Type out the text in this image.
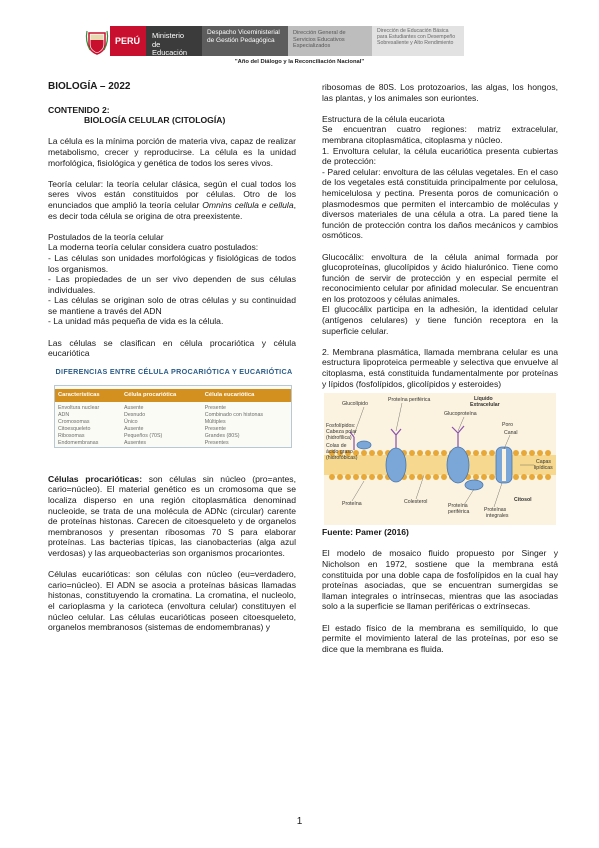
PERÚ
Ministerio de Educación
Despacho Viceministerial de Gestión Pedagógica
Dirección General de Servicios Educativos Especializados
Dirección de Educación Básica para Estudiantes con Desempeño Sobresaliente y Alto Rendimiento
"Año del Diálogo y la Reconciliación Nacional"

BIOLOGÍA – 2022

CONTENIDO 2:

BIOLOGÍA CELULAR (CITOLOGÍA)

La célula es la mínima porción de materia viva, capaz de realizar metabolismo, crecer y reproducirse. La célula es la unidad morfológica, fisiológica y genética de todos los seres vivos.

Teoría celular: la teoría celular clásica, según el cual todos los seres vivos están constituidos por células. Otro de los enunciados que amplió la teoría celular Omnins cellula e cellula, es decir toda célula se origina de otra preexistente.

Postulados de la teoría celular

La moderna teoría celular considera cuatro postulados:

- Las células son unidades morfológicas y fisiológicas de todos los organismos.

- Las propiedades de un ser vivo dependen de sus células individuales.

- Las células se originan solo de otras células y su continuidad se mantiene a través del ADN

- La unidad más pequeña de vida es la célula.

Las células se clasifican en célula procariótica y célula eucariótica

DIFERENCIAS ENTRE CÉLULA PROCARIÓTICA Y EUCARIÓTICA
Características	Célula procariótica	Célula eucariótica
Envoltura nuclear	Ausente	Presente
ADN	Desnudo	Combinado con histonas
Cromosomas	Único	Múltiples
Citoesqueleto	Ausente	Presente
Ribosomas	Pequeños (70S)	Grandes (80S)
Endomembranas	Ausentes	Presentes

Células procarióticas: son células sin núcleo (pro=antes, cario=núcleo). El material genético es un cromosoma que se localiza disperso en una región citoplasmática denominad nucleoide, se trata de una molécula de ADNc (circular) carente de proteínas histonas. Carecen de citoesqueleto y de organelos membranosos y presentan ribosomas 70 S para elaborar proteínas. Las bacterias típicas, las cianobacterias (alga azul verdosas) y las arqueobacterias son organismos procariontes.

Células eucarióticas: son células con núcleo (eu=verdadero, cario=núcleo). El ADN se asocia a proteínas básicas llamadas histonas, constituyendo la cromatina. La cromatina, el nucleolo, el carioplasma y la carioteca (envoltura celular) constituyen el núcleo celular. Las células eucarióticas poseen citoesqueleto, organelos membranosos (sistemas de endomembranas) y

ribosomas de 80S. Los protozoarios, las algas, los hongos, las plantas, y los animales son euriontes.

Estructura de la célula eucariota

Se encuentran cuatro regiones: matriz extracelular, membrana citoplasmática, citoplasma y núcleo.

1. Envoltura celular, la célula eucariótica presenta cubiertas de protección:

- Pared celular: envoltura de las células vegetales. En el caso de los vegetales está constituida principalmente por celulosa, hemicelulosa y pectina. Presenta poros de comunicación o plasmodesmos que permiten el intercambio de moléculas y diversos materiales de una célula a otra. La pared tiene la función de protección contra los daños mecánicos y cambios osmóticos.

Glucocálix: envoltura de la célula animal formada por glucoproteínas, glucolípidos y ácido hialurónico. Tiene como función de servir de protección y en especial permite el reconocimiento celular por afinidad molecular. Se encuentran en los protozoos y células animales.

El glucocálix participa en la adhesión, la identidad celular (antígenos celulares) y tiene función receptora en la superficie celular.

2. Membrana plasmática, llamada membrana celular es una estructura lipoproteica permeable y selectiva que envuelve al citoplasma, está constituida fundamentalmente por proteínas y lípidos (fosfolípidos, glicolípidos y esteroides)

Glucolípido
Proteína periférica	Líquido
Extracelular
Glucoproteína
Fosfolípidos:
Cabeza polar
(hidrofílica)
Colas de
ácido graso
(hidrofóbicas)
Poro
Canal
Capas
lipídicas
Proteína	Colesterol	Citosol
Proteína
periférica	Proteínas
integrales

Fuente: Pamer (2016)

El modelo de mosaico fluido propuesto por Singer y Nicholson en 1972, sostiene que la membrana está constituida por una doble capa de fosfolípidos en la cual hay proteínas asociadas, que se encuentran sumergidas se llaman integrales o intrínsecas, mientras que las asociadas solo a la superficie se llaman periféricas o extrínsecas.

El estado físico de la membrana es semilíquido, lo que permite el movimiento lateral de las proteínas, por eso se dice que la membrana es fluida.

1
